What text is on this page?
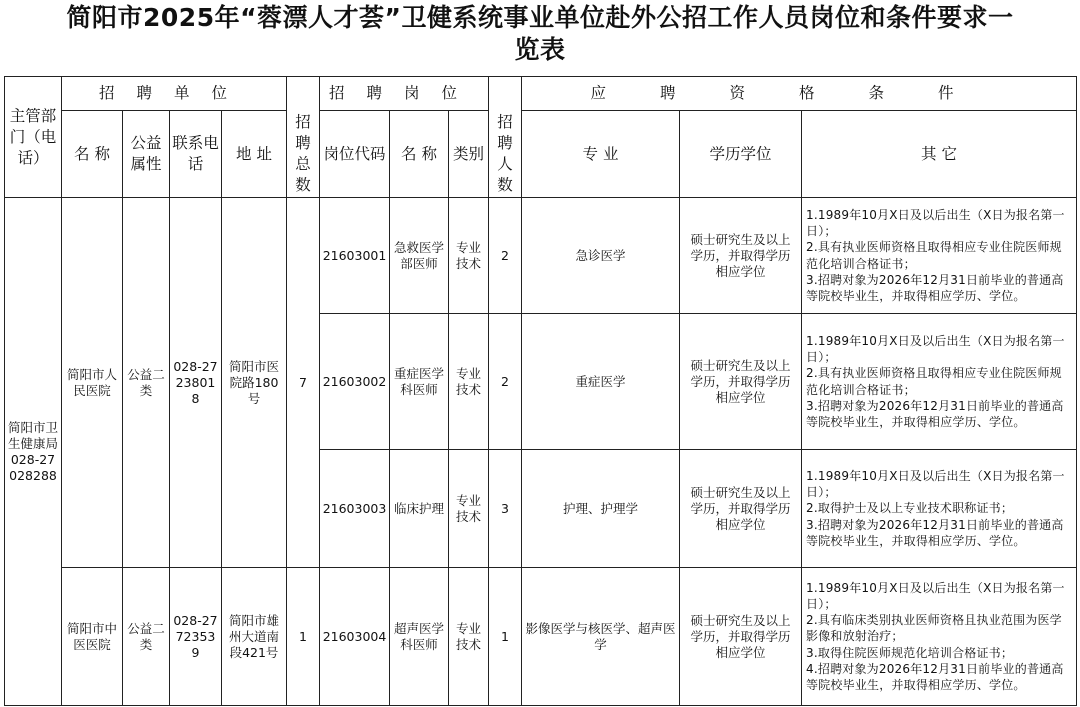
简阳市2025年“蓉漂人才荟”卫健系统事业单位赴外公招工作人员岗位和条件要求一
览表
主管部门（电话）	招聘单位					招聘岗位				应聘资格条件		
	名 称	公益属性	联系电话	地 址	招聘总数	岗位代码	名 称	类别	招聘人数	专 业	学历学位	其 它
简阳市卫生健康局028-27028288	简阳市人民医院	公益二类	028-27238018	简阳市医院路180号	7	21603001	急救医学部医师	专业技术	2	急诊医学	硕士研究生及以上学历，并取得学历相应学位	1.1989年10月X日及以后出生（X日为报名第一日）；
2.具有执业医师资格且取得相应专业住院医师规范化培训合格证书；
3.招聘对象为2026年12月31日前毕业的普通高等院校毕业生，并取得相应学历、学位。

						21603002	重症医学科医师	专业技术	2	重症医学	硕士研究生及以上学历，并取得学历相应学位	1.1989年10月X日及以后出生（X日为报名第一日）；
2.具有执业医师资格且取得相应专业住院医师规范化培训合格证书；
3.招聘对象为2026年12月31日前毕业的普通高等院校毕业生，并取得相应学历、学位。

						21603003	临床护理	专业技术	3	护理、护理学	硕士研究生及以上学历，并取得学历相应学位	1.1989年10月X日及以后出生（X日为报名第一日）；
2.取得护士及以上专业技术职称证书；
3.招聘对象为2026年12月31日前毕业的普通高等院校毕业生，并取得相应学历、学位。

	简阳市中医医院	公益二类	028-27723539	简阳市雄州大道南段421号	1	21603004	超声医学科医师	专业技术	1	影像医学与核医学、超声医学	硕士研究生及以上学历，并取得学历相应学位	1.1989年10月X日及以后出生（X日为报名第一日）；
2.具有临床类别执业医师资格且执业范围为医学影像和放射治疗；
3.取得住院医师规范化培训合格证书；
4.招聘对象为2026年12月31日前毕业的普通高等院校毕业生，并取得相应学历、学位。
